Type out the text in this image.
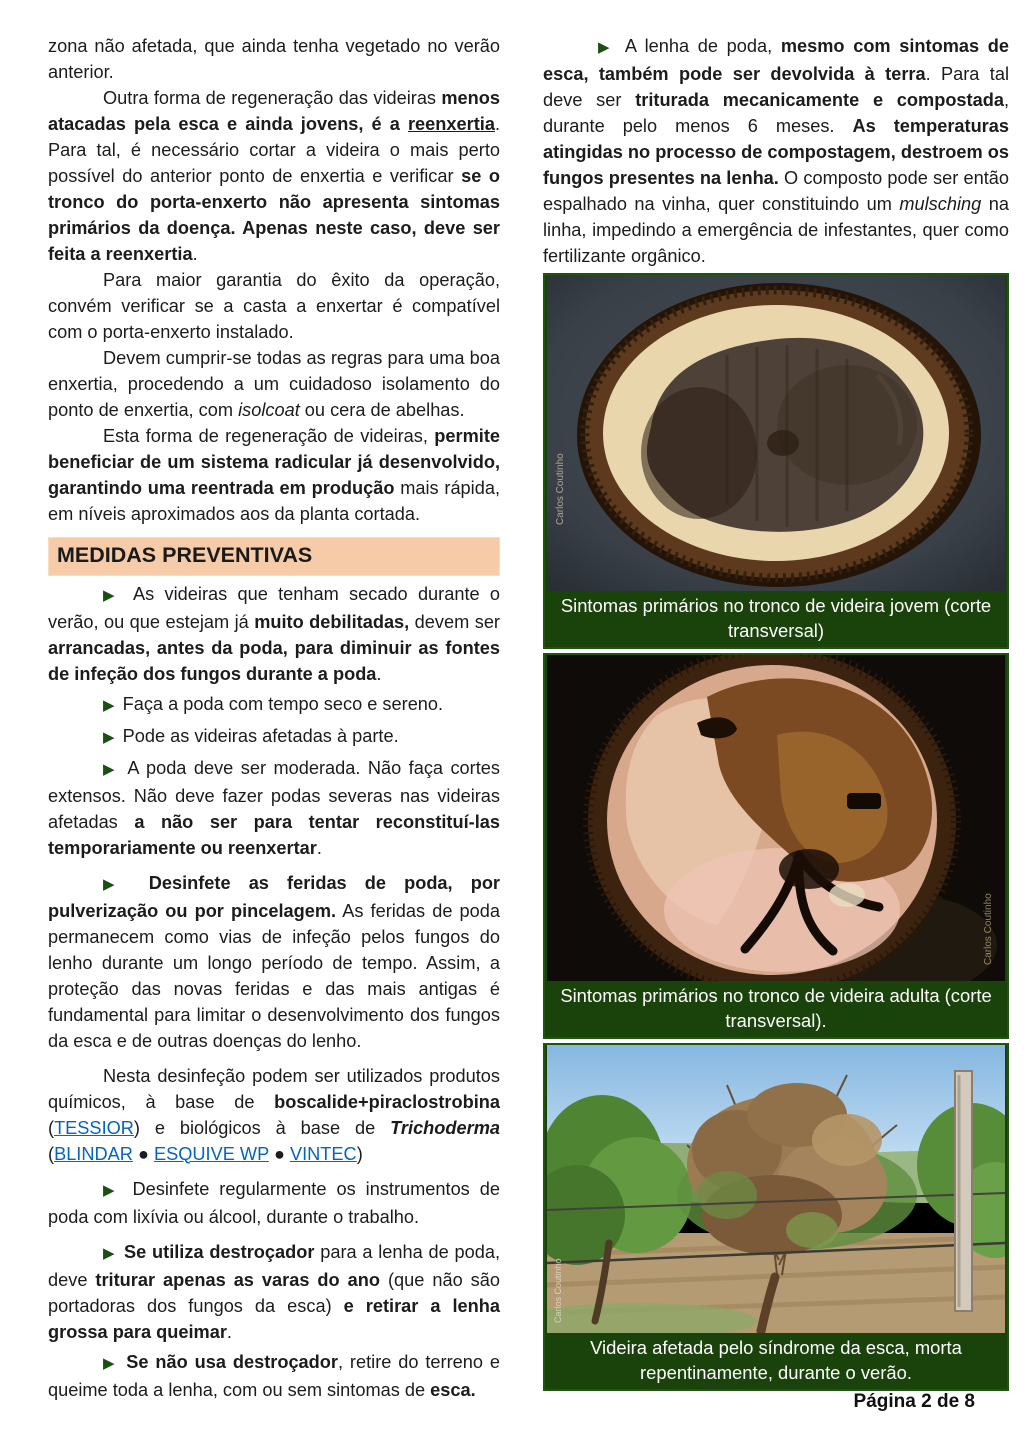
zona não afetada, que ainda tenha vegetado no verão anterior.

Outra forma de regeneração das videiras menos atacadas pela esca e ainda jovens, é a reenxertia. Para tal, é necessário cortar a videira o mais perto possível do anterior ponto de enxertia e verificar se o tronco do porta-enxerto não apresenta sintomas primários da doença. Apenas neste caso, deve ser feita a reenxertia.

Para maior garantia do êxito da operação, convém verificar se a casta a enxertar é compatível com o porta-enxerto instalado.

Devem cumprir-se todas as regras para uma boa enxertia, procedendo a um cuidadoso isolamento do ponto de enxertia, com isolcoat ou cera de abelhas.

Esta forma de regeneração de videiras, permite beneficiar de um sistema radicular já desenvolvido, garantindo uma reentrada em produção mais rápida, em níveis aproximados aos da planta cortada.

MEDIDAS PREVENTIVAS

▶ As videiras que tenham secado durante o verão, ou que estejam já muito debilitadas, devem ser arrancadas, antes da poda, para diminuir as fontes de infeção dos fungos durante a poda.

▶ Faça a poda com tempo seco e sereno.

▶ Pode as videiras afetadas à parte.

▶ A poda deve ser moderada. Não faça cortes extensos. Não deve fazer podas severas nas videiras afetadas a não ser para tentar reconstituí-las temporariamente ou reenxertar.

▶ Desinfete as feridas de poda, por pulverização ou por pincelagem. As feridas de poda permanecem como vias de infeção pelos fungos do lenho durante um longo período de tempo. Assim, a proteção das novas feridas e das mais antigas é fundamental para limitar o desenvolvimento dos fungos da esca e de outras doenças do lenho.

Nesta desinfeção podem ser utilizados produtos químicos, à base de boscalide+piraclostrobina (TESSIOR) e biológicos à base de Trichoderma (BLINDAR ● ESQUIVE WP ● VINTEC)

▶ Desinfete regularmente os instrumentos de poda com lixívia ou álcool, durante o trabalho.

▶ Se utiliza destroçador para a lenha de poda, deve triturar apenas as varas do ano (que não são portadoras dos fungos da esca) e retirar a lenha grossa para queimar.

▶ Se não usa destroçador, retire do terreno e queime toda a lenha, com ou sem sintomas de esca.

▶ A lenha de poda, mesmo com sintomas de esca, também pode ser devolvida à terra. Para tal deve ser triturada mecanicamente e compostada, durante pelo menos 6 meses. As temperaturas atingidas no processo de compostagem, destroem os fungos presentes na lenha. O composto pode ser então espalhado na vinha, quer constituindo um mulsching na linha, impedindo a emergência de infestantes, quer como fertilizante orgânico.

Carlos Coutinho
Sintomas primários no tronco de videira jovem (corte transversal)
Carlos Coutinho
Sintomas primários no tronco de videira adulta (corte transversal).
Carlos Coutinho
Videira afetada pelo síndrome da esca, morta repentinamente, durante o verão.
Página 2 de 8
